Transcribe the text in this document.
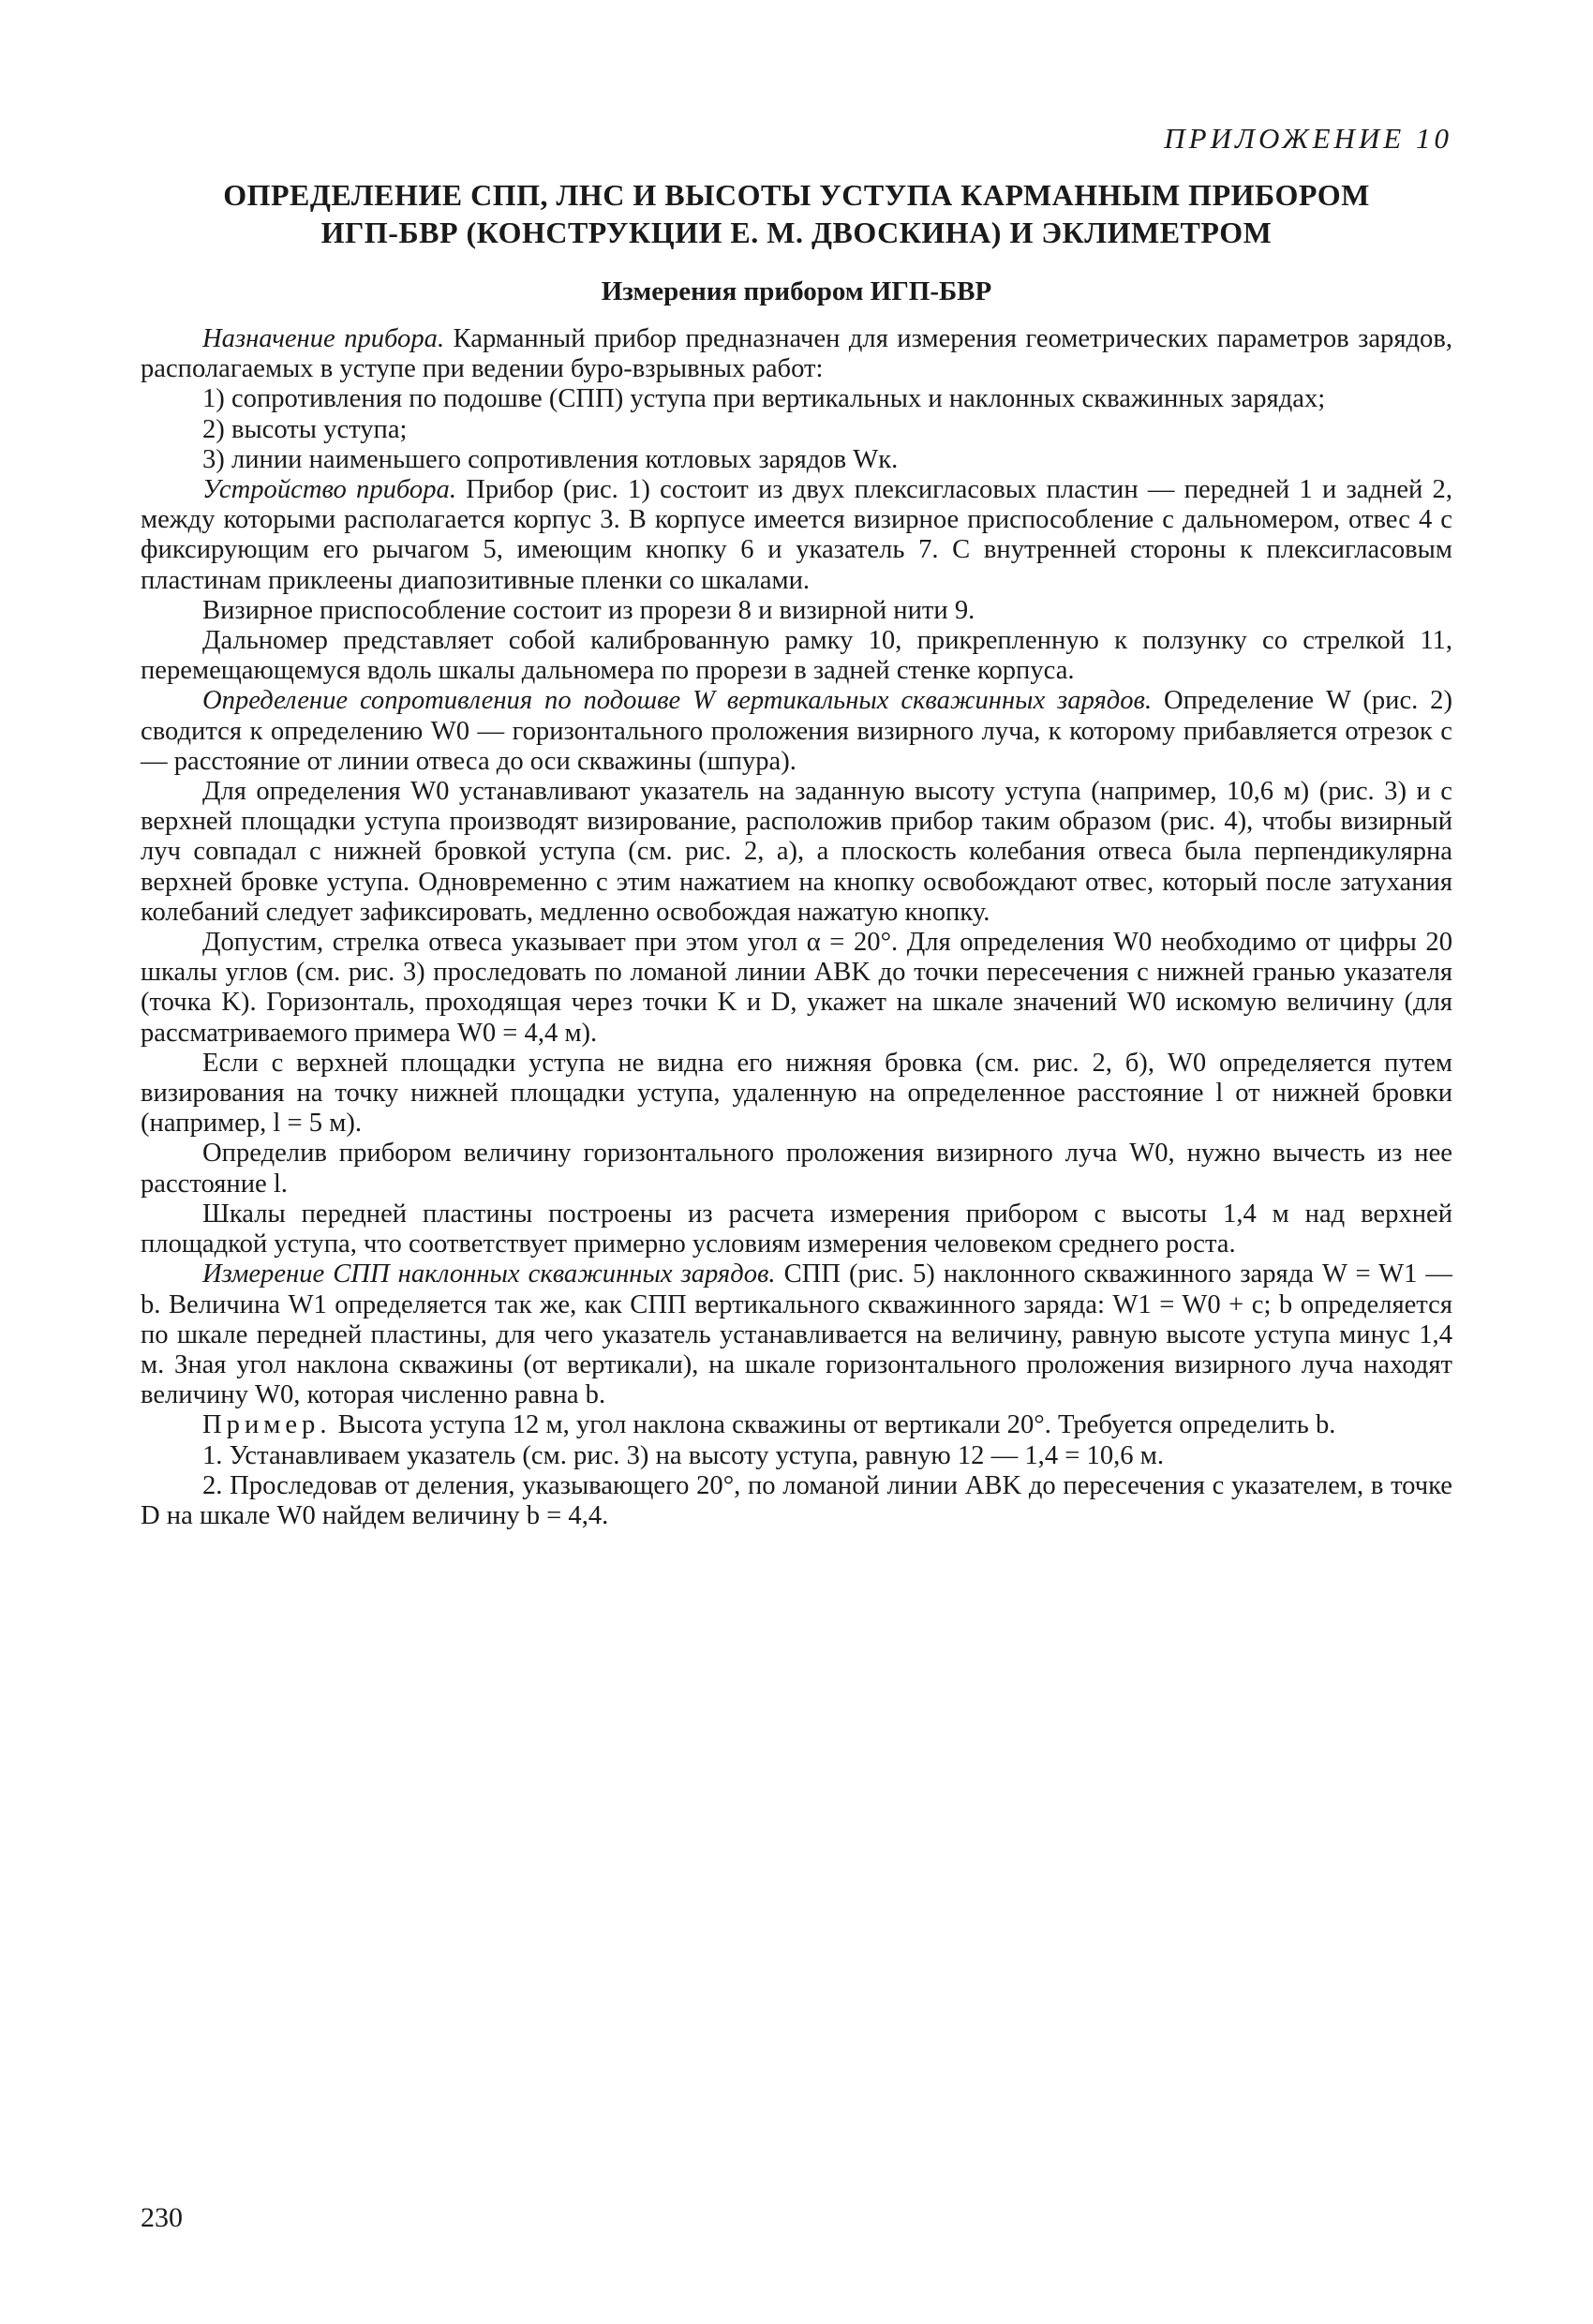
ПРИЛОЖЕНИЕ 10
ОПРЕДЕЛЕНИЕ СПП, ЛНС И ВЫСОТЫ УСТУПА КАРМАННЫМ ПРИБОРОМ
ИГП-БВР (КОНСТРУКЦИИ Е. М. ДВОСКИНА) И ЭКЛИМЕТРОМ
Измерения прибором ИГП-БВР

Назначение прибора. Карманный прибор предназначен для измерения геометрических параметров зарядов, располагаемых в уступе при ведении буро-взрывных работ:

1) сопротивления по подошве (СПП) уступа при вертикальных и наклонных скважинных зарядах;

2) высоты уступа;

3) линии наименьшего сопротивления котловых зарядов Wк.

Устройство прибора. Прибор (рис. 1) состоит из двух плексигласовых пластин — передней 1 и задней 2, между которыми располагается корпус 3. В корпусе имеется визирное приспособление с дальномером, отвес 4 с фиксирующим его рычагом 5, имеющим кнопку 6 и указатель 7. С внутренней стороны к плексигласовым пластинам приклеены диапозитивные пленки со шкалами.

Визирное приспособление состоит из прорези 8 и визирной нити 9.

Дальномер представляет собой калиброванную рамку 10, прикрепленную к ползунку со стрелкой 11, перемещающемуся вдоль шкалы дальномера по прорези в задней стенке корпуса.

Определение сопротивления по подошве W вертикальных скважинных зарядов. Определение W (рис. 2) сводится к определению W0 — горизонтального проложения визирного луча, к которому прибавляется отрезок c — расстояние от линии отвеса до оси скважины (шпура).

Для определения W0 устанавливают указатель на заданную высоту уступа (например, 10,6 м) (рис. 3) и с верхней площадки уступа производят визирование, расположив прибор таким образом (рис. 4), чтобы визирный луч совпадал с нижней бровкой уступа (см. рис. 2, а), а плоскость колебания отвеса была перпендикулярна верхней бровке уступа. Одновременно с этим нажатием на кнопку освобождают отвес, который после затухания колебаний следует зафиксировать, медленно освобождая нажатую кнопку.

Допустим, стрелка отвеса указывает при этом угол α = 20°. Для определения W0 необходимо от цифры 20 шкалы углов (см. рис. 3) проследовать по ломаной линии ABK до точки пересечения с нижней гранью указателя (точка K). Горизонталь, проходящая через точки K и D, укажет на шкале значений W0 искомую величину (для рассматриваемого примера W0 = 4,4 м).

Если с верхней площадки уступа не видна его нижняя бровка (см. рис. 2, б), W0 определяется путем визирования на точку нижней площадки уступа, удаленную на определенное расстояние l от нижней бровки (например, l = 5 м).

Определив прибором величину горизонтального проложения визирного луча W0, нужно вычесть из нее расстояние l.

Шкалы передней пластины построены из расчета измерения прибором с высоты 1,4 м над верхней площадкой уступа, что соответствует примерно условиям измерения человеком среднего роста.

Измерение СПП наклонных скважинных зарядов. СПП (рис. 5) наклонного скважинного заряда W = W1 — b. Величина W1 определяется так же, как СПП вертикального скважинного заряда: W1 = W0 + c; b определяется по шкале передней пластины, для чего указатель устанавливается на величину, равную высоте уступа минус 1,4 м. Зная угол наклона скважины (от вертикали), на шкале горизонтального проложения визирного луча находят величину W0, которая численно равна b.

Пример. Высота уступа 12 м, угол наклона скважины от вертикали 20°. Требуется определить b.

1. Устанавливаем указатель (см. рис. 3) на высоту уступа, равную 12 — 1,4 = 10,6 м.

2. Проследовав от деления, указывающего 20°, по ломаной линии ABK до пересечения с указателем, в точке D на шкале W0 найдем величину b = 4,4.

230
